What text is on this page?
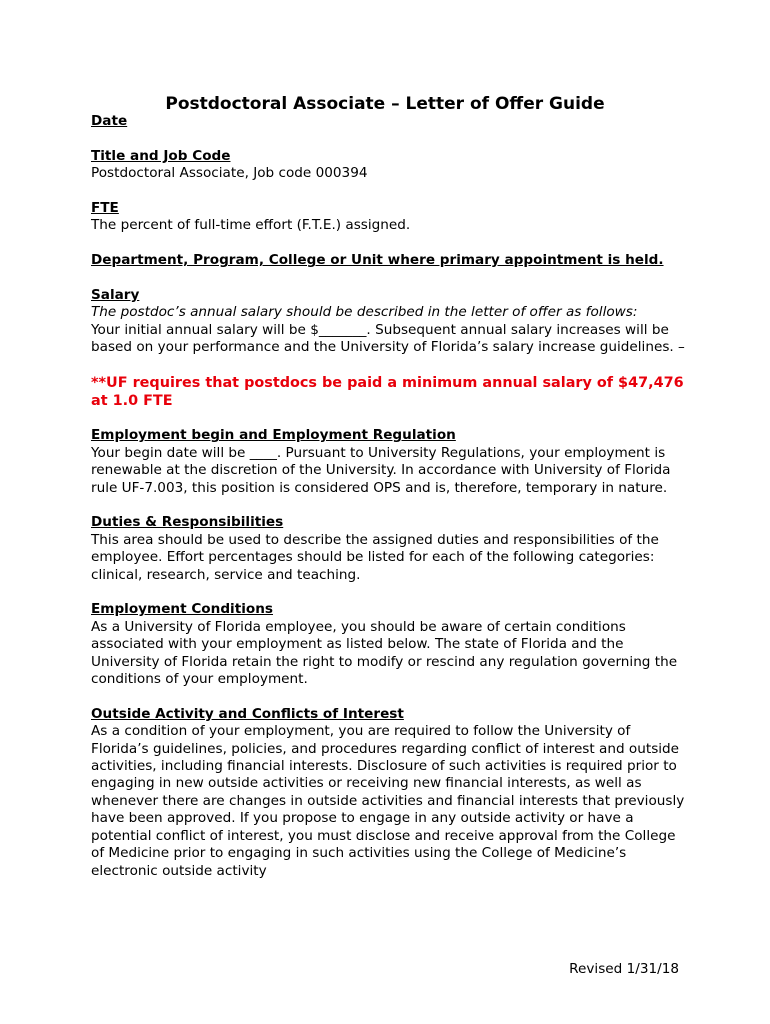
Postdoctoral Associate – Letter of Offer Guide
Date
Title and Job Code
Postdoctoral Associate, Job code 000394
FTE
The percent of full-time effort (F.T.E.) assigned.
Department, Program, College or Unit where primary appointment is held.
Salary
The postdoc’s annual salary should be described in the letter of offer as follows:
Your initial annual salary will be $_______. Subsequent annual salary increases will be based on your performance and the University of Florida’s salary increase guidelines. –
**UF requires that postdocs be paid a minimum annual salary of $47,476 at 1.0 FTE
Employment begin and Employment Regulation
Your begin date will be ____. Pursuant to University Regulations, your employment is renewable at the discretion of the University. In accordance with University of Florida rule UF-7.003, this position is considered OPS and is, therefore, temporary in nature.
Duties & Responsibilities
This area should be used to describe the assigned duties and responsibilities of the employee. Effort percentages should be listed for each of the following categories: clinical, research, service and teaching.
Employment Conditions
As a University of Florida employee, you should be aware of certain conditions associated with your employment as listed below. The state of Florida and the University of Florida retain the right to modify or rescind any regulation governing the conditions of your employment.
Outside Activity and Conflicts of Interest
As a condition of your employment, you are required to follow the University of Florida’s guidelines, policies, and procedures regarding conflict of interest and outside activities, including financial interests. Disclosure of such activities is required prior to engaging in new outside activities or receiving new financial interests, as well as whenever there are changes in outside activities and financial interests that previously have been approved. If you propose to engage in any outside activity or have a potential conflict of interest, you must disclose and receive approval from the College of Medicine prior to engaging in such activities using the College of Medicine’s electronic outside activity
Revised 1/31/18
